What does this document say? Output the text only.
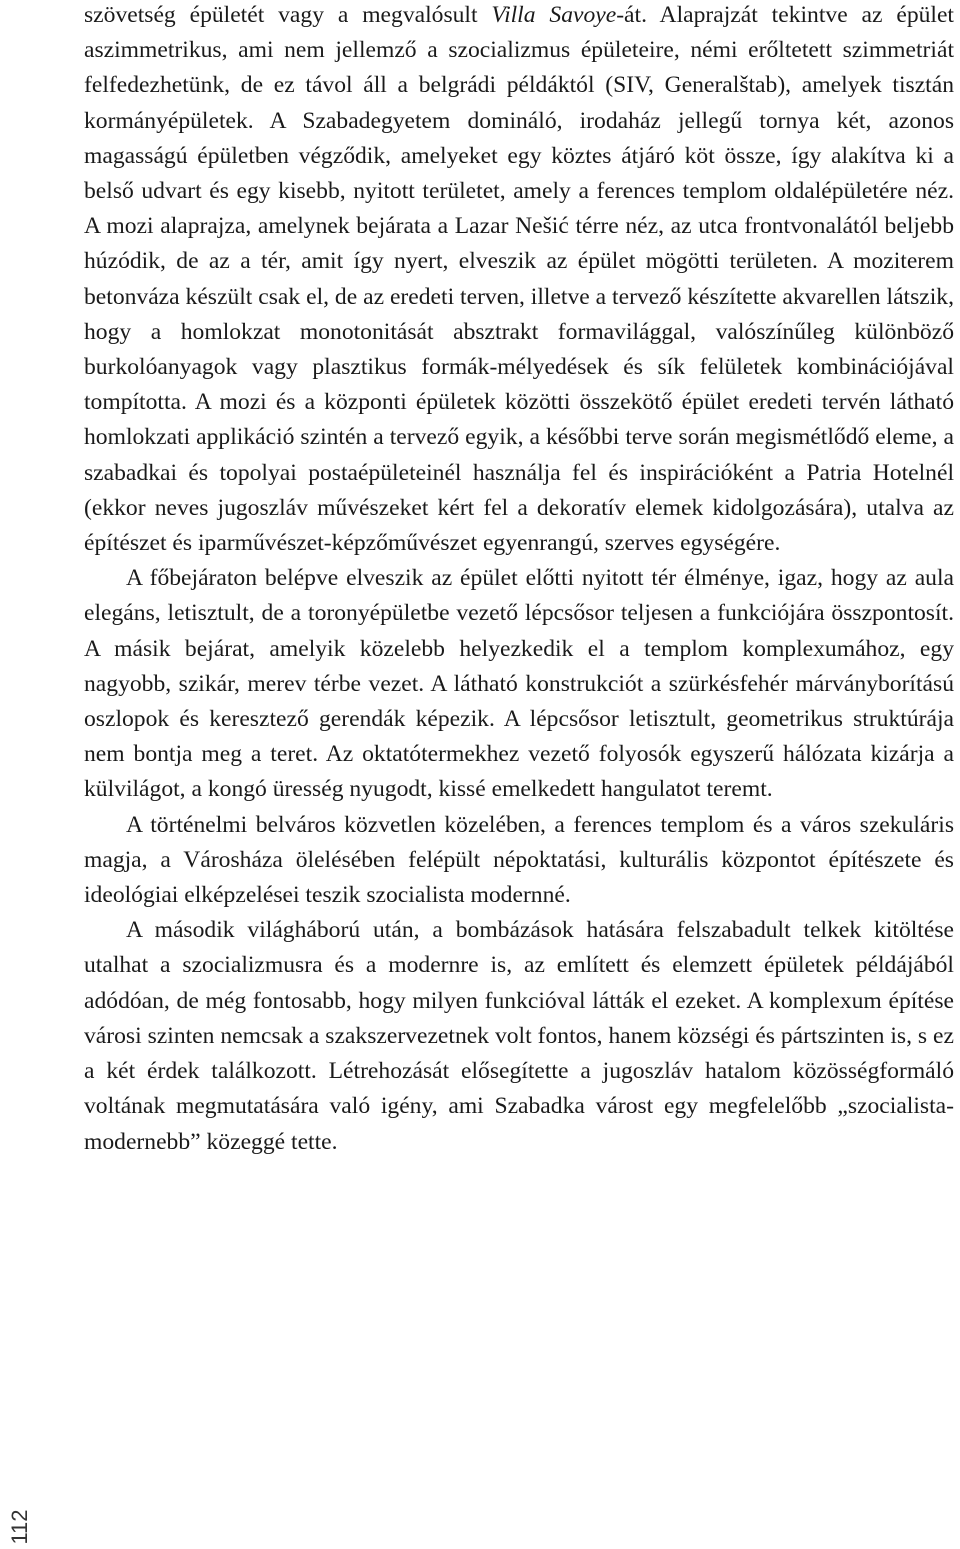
szövetség épületét vagy a megvalósult Villa Savoye-át. Alaprajzát tekintve az épület aszimmetrikus, ami nem jellemző a szocializmus épületeire, némi erőltetett szimmetriát felfedezhetünk, de ez távol áll a belgrádi példáktól (SIV, Generalštab), amelyek tisztán kormányépületek. A Szabadegyetem domináló, irodaház jellegű tornya két, azonos magasságú épületben végződik, amelyeket egy köztes átjáró köt össze, így alakítva ki a belső udvart és egy kisebb, nyitott területet, amely a ferences templom oldalépületére néz. A mozi alaprajza, amelynek bejárata a Lazar Nešić térre néz, az utca frontvonalától beljebb húzódik, de az a tér, amit így nyert, elveszik az épület mögötti területen. A moziterem betonváza készült csak el, de az eredeti terven, illetve a tervező készítette akvarellen látszik, hogy a homlokzat monotonitását absztrakt formavilággal, valószínűleg különböző burkolóanyagok vagy plasztikus formák-mélyedések és sík felületek kombinációjával tompította. A mozi és a központi épületek közötti összekötő épület eredeti tervén látható homlokzati applikáció szintén a tervező egyik, a későbbi terve során megismétlődő eleme, a szabadkai és topolyai postaépületeinél használja fel és inspirációként a Patria Hotelnél (ekkor neves jugoszláv művészeket kért fel a dekoratív elemek kidolgozására), utalva az építészet és iparművészet-képzőművészet egyenrangú, szerves egységére.

A főbejáraton belépve elveszik az épület előtti nyitott tér élménye, igaz, hogy az aula elegáns, letisztult, de a toronyépületbe vezető lépcsősor teljesen a funkciójára összpontosít. A másik bejárat, amelyik közelebb helyezkedik el a templom komplexumához, egy nagyobb, szikár, merev térbe vezet. A látható konstrukciót a szürkésfehér márványborítású oszlopok és keresztező gerendák képezik. A lépcsősor letisztult, geometrikus struktúrája nem bontja meg a teret. Az oktatótermekhez vezető folyosók egyszerű hálózata kizárja a külvilágot, a kongó üresség nyugodt, kissé emelkedett hangulatot teremt.

A történelmi belváros közvetlen közelében, a ferences templom és a város szekuláris magja, a Városháza ölelésében felépült népoktatási, kulturális központot építészete és ideológiai elképzelései teszik szocialista modernné.

A második világháború után, a bombázások hatására felszabadult telkek kitöltése utalhat a szocializmusra és a modernre is, az említett és elemzett épületek példájából adódóan, de még fontosabb, hogy milyen funkcióval látták el ezeket. A komplexum építése városi szinten nemcsak a szakszervezetnek volt fontos, hanem községi és pártszinten is, s ez a két érdek találkozott. Létrehozását elősegítette a jugoszláv hatalom közösségformáló voltának megmutatására való igény, ami Szabadka várost egy megfelelőbb „szocialista-modernebb” közeggé tette.

112
